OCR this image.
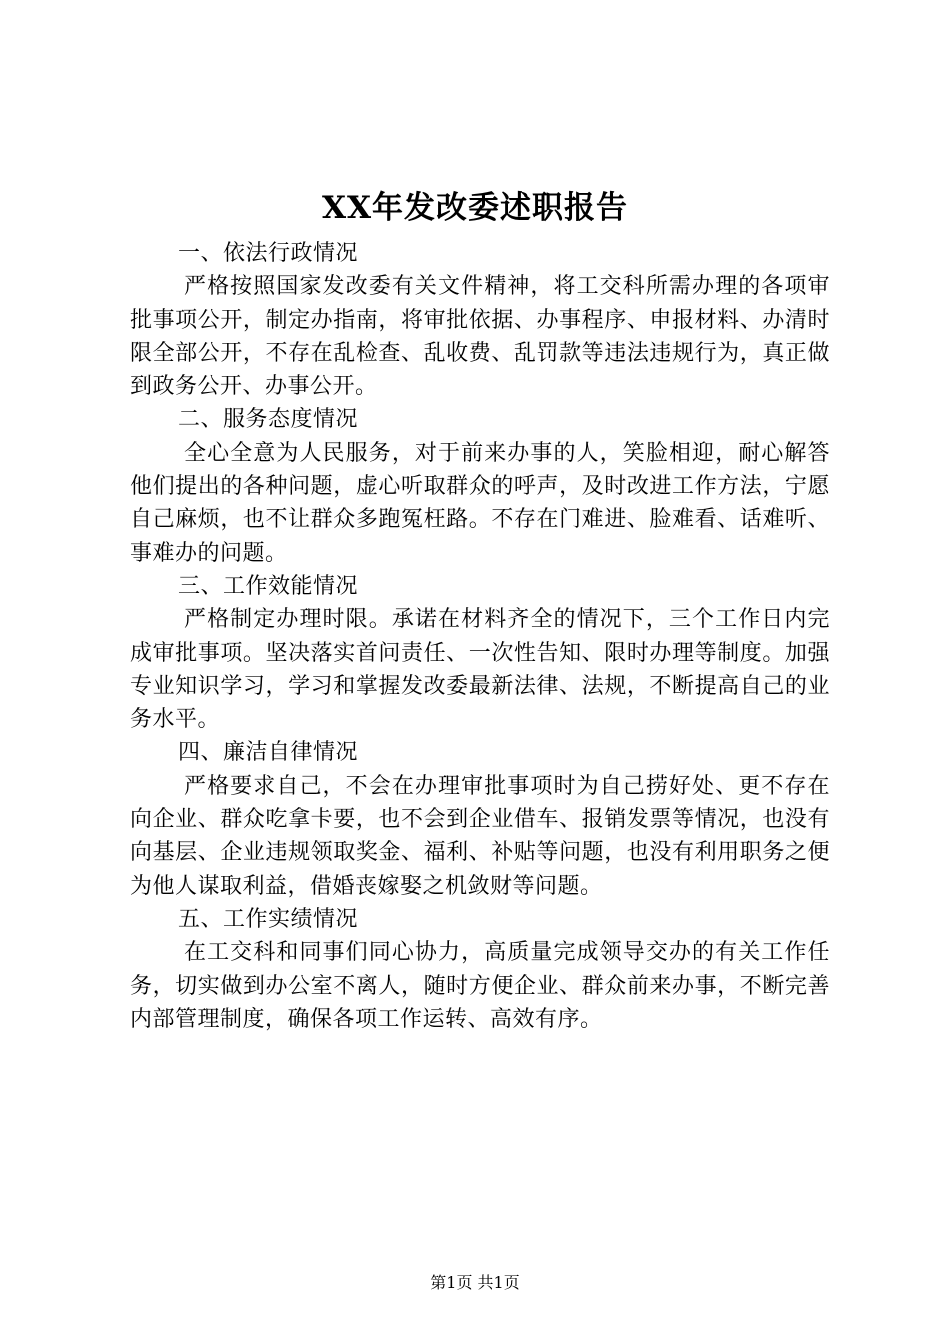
XX年发改委述职报告

一、依法行政情况

严格按照国家发改委有关文件精神，将工交科所需办理的各项审批事项公开，制定办指南，将审批依据、办事程序、申报材料、办清时限全部公开，不存在乱检查、乱收费、乱罚款等违法违规行为，真正做到政务公开、办事公开。

二、服务态度情况

全心全意为人民服务，对于前来办事的人，笑脸相迎，耐心解答他们提出的各种问题，虚心听取群众的呼声，及时改进工作方法，宁愿自己麻烦，也不让群众多跑冤枉路。不存在门难进、脸难看、话难听、事难办的问题。

三、工作效能情况

严格制定办理时限。承诺在材料齐全的情况下，三个工作日内完成审批事项。坚决落实首问责任、一次性告知、限时办理等制度。加强专业知识学习，学习和掌握发改委最新法律、法规，不断提高自己的业务水平。

四、廉洁自律情况

严格要求自己，不会在办理审批事项时为自己捞好处、更不存在向企业、群众吃拿卡要，也不会到企业借车、报销发票等情况，也没有向基层、企业违规领取奖金、福利、补贴等问题，也没有利用职务之便为他人谋取利益，借婚丧嫁娶之机敛财等问题。

五、工作实绩情况

在工交科和同事们同心协力，高质量完成领导交办的有关工作任务，切实做到办公室不离人，随时方便企业、群众前来办事，不断完善内部管理制度，确保各项工作运转、高效有序。

第1页 共1页
